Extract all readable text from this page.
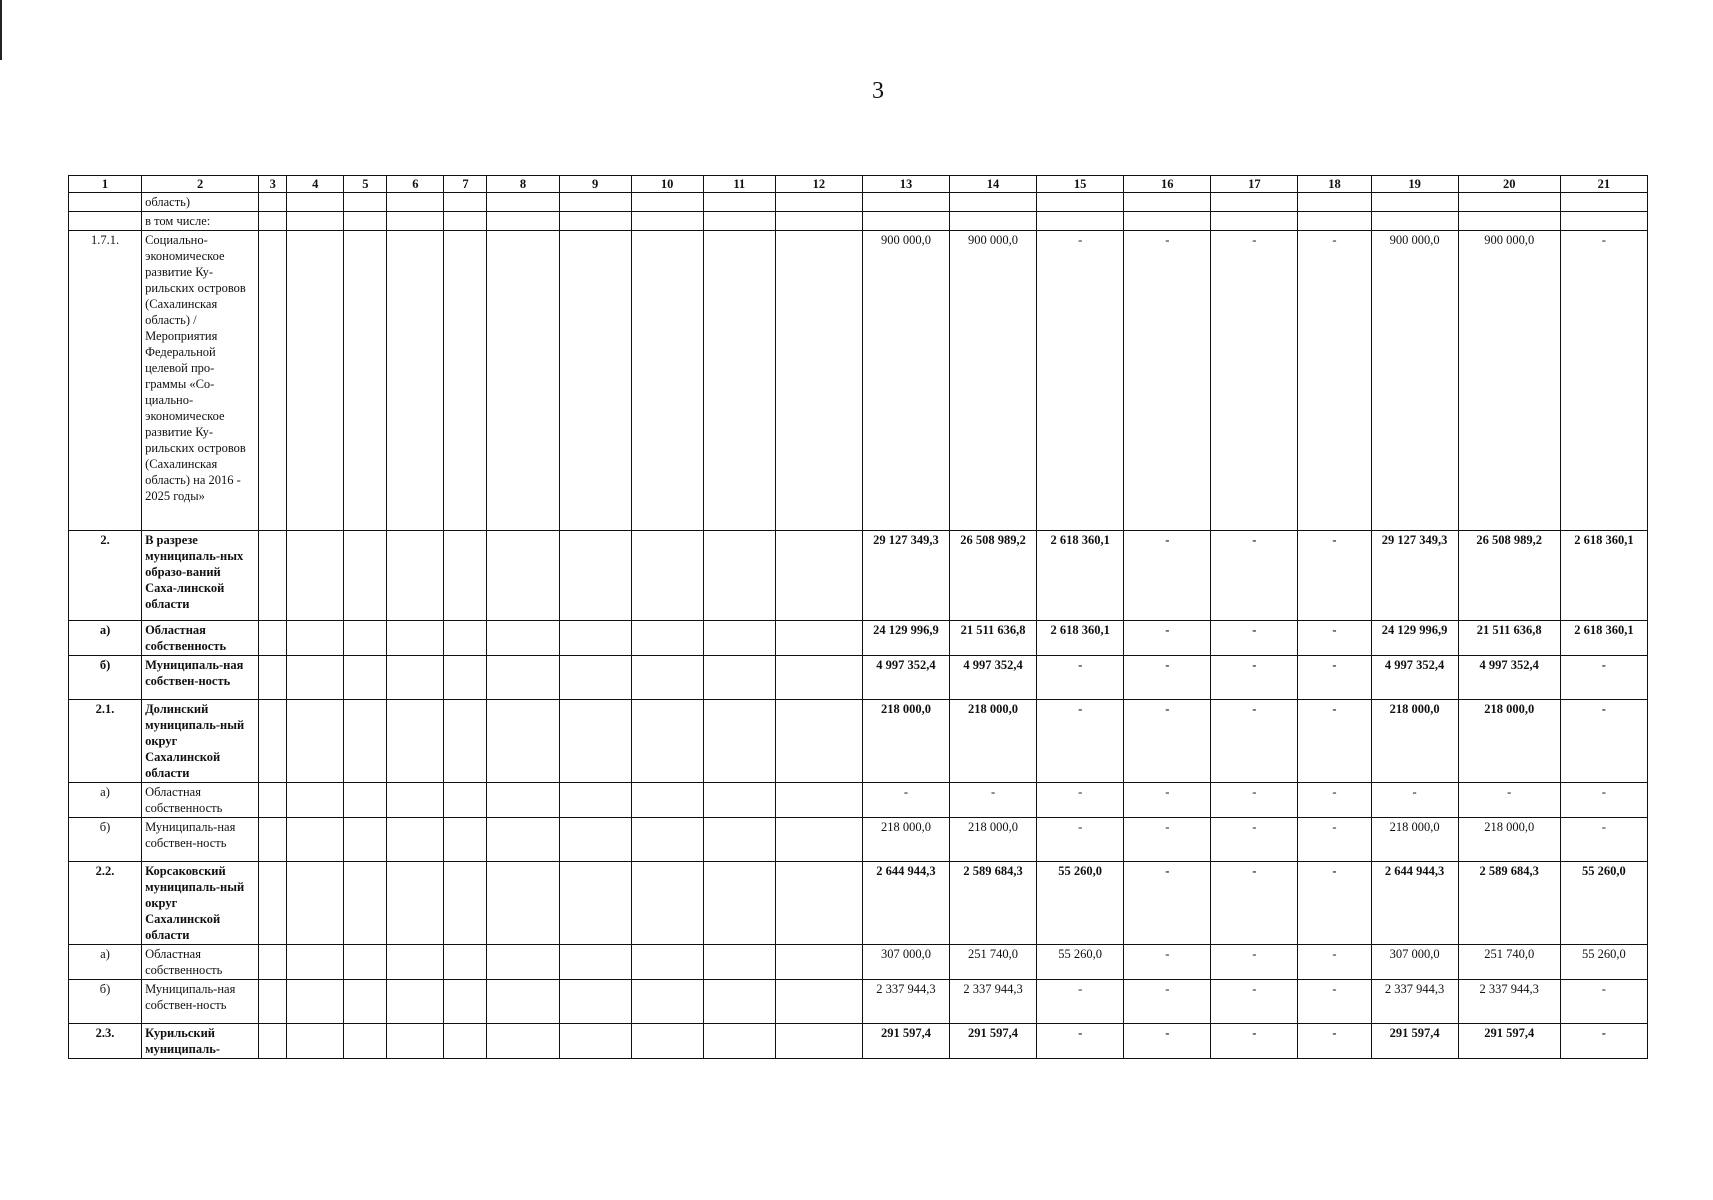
3
1	2	3	4	5	6	7	8	9	10	11	12	13	14	15	16	17	18	19	20	21
	область)																			
	в том числе:																			
1.7.1.	Социально-экономическое развитие Ку-рильских островов (Сахалинская область) / Мероприятия Федеральной целевой про-граммы «Со-циально-экономическое развитие Ку-рильских островов (Сахалинская область) на 2016 - 2025 годы»											900 000,0	900 000,0	-	-	-	-	900 000,0	900 000,0	-
2.	В разрезе муниципаль-ных образо-ваний Саха-линской области											29 127 349,3	26 508 989,2	2 618 360,1	-	-	-	29 127 349,3	26 508 989,2	2 618 360,1
а)	Областная собственность											24 129 996,9	21 511 636,8	2 618 360,1	-	-	-	24 129 996,9	21 511 636,8	2 618 360,1
б)	Муниципаль-ная собствен-ность											4 997 352,4	4 997 352,4	-	-	-	-	4 997 352,4	4 997 352,4	-
2.1.	Долинский муниципаль-ный округ Сахалинской области											218 000,0	218 000,0	-	-	-	-	218 000,0	218 000,0	-
а)	Областная собственность											-	-	-	-	-	-	-	-	-
б)	Муниципаль-ная собствен-ность											218 000,0	218 000,0	-	-	-	-	218 000,0	218 000,0	-
2.2.	Корсаковский муниципаль-ный округ Сахалинской области											2 644 944,3	2 589 684,3	55 260,0	-	-	-	2 644 944,3	2 589 684,3	55 260,0
а)	Областная собственность											307 000,0	251 740,0	55 260,0	-	-	-	307 000,0	251 740,0	55 260,0
б)	Муниципаль-ная собствен-ность											2 337 944,3	2 337 944,3	-	-	-	-	2 337 944,3	2 337 944,3	-
2.3.	Курильский муниципаль-											291 597,4	291 597,4	-	-	-	-	291 597,4	291 597,4	-
